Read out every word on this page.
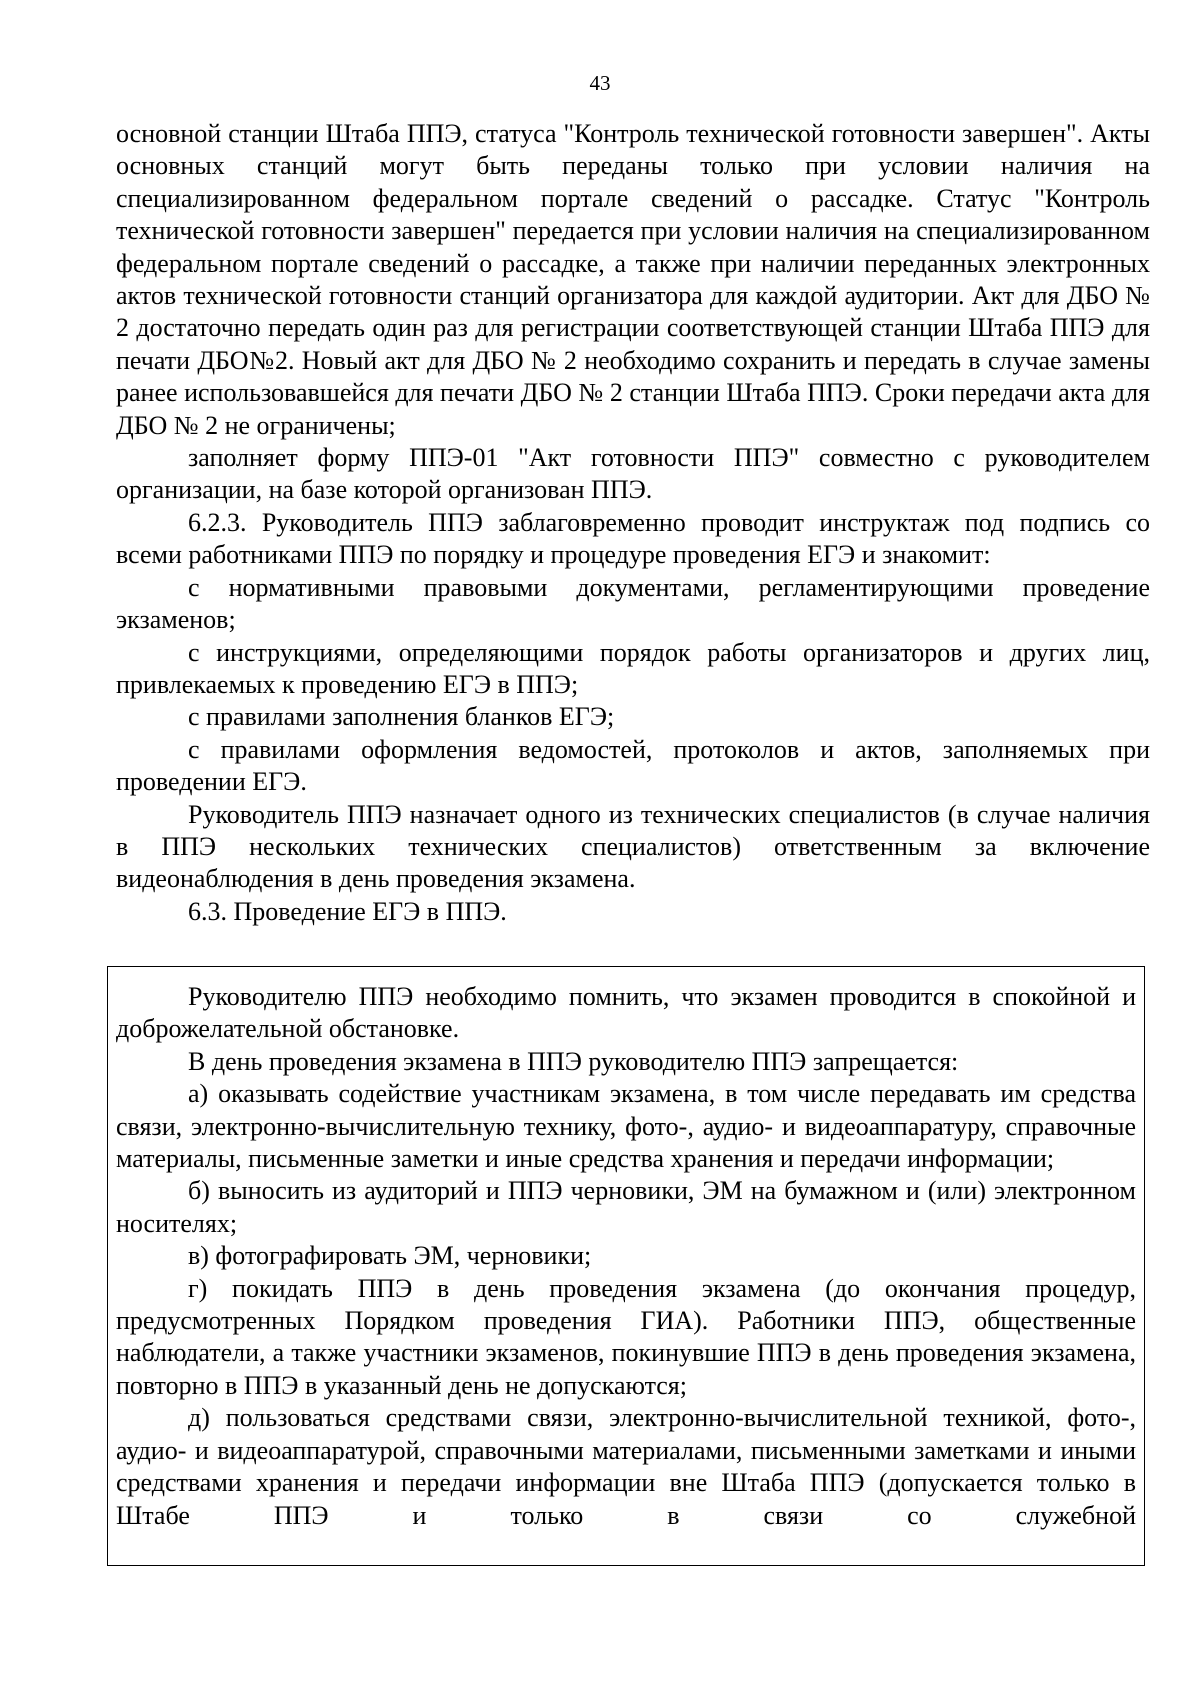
43

основной станции Штаба ППЭ, статуса "Контроль технической готовности завершен". Акты основных станций могут быть переданы только при условии наличия на специализированном федеральном портале сведений о рассадке. Статус "Контроль технической готовности завершен" передается при условии наличия на специализированном федеральном портале сведений о рассадке, а также при наличии переданных электронных актов технической готовности станций организатора для каждой аудитории. Акт для ДБО № 2 достаточно передать один раз для регистрации соответствующей станции Штаба ППЭ для печати ДБО№2. Новый акт для ДБО № 2 необходимо сохранить и передать в случае замены ранее использовавшейся для печати ДБО № 2 станции Штаба ППЭ. Сроки передачи акта для ДБО № 2 не ограничены;

заполняет форму ППЭ-01 "Акт готовности ППЭ" совместно с руководителем организации, на базе которой организован ППЭ.

6.2.3. Руководитель ППЭ заблаговременно проводит инструктаж под подпись со всеми работниками ППЭ по порядку и процедуре проведения ЕГЭ и знакомит:

с нормативными правовыми документами, регламентирующими проведение экзаменов;

с инструкциями, определяющими порядок работы организаторов и других лиц, привлекаемых к проведению ЕГЭ в ППЭ;

с правилами заполнения бланков ЕГЭ;

с правилами оформления ведомостей, протоколов и актов, заполняемых при проведении ЕГЭ.

Руководитель ППЭ назначает одного из технических специалистов (в случае наличия в ППЭ нескольких технических специалистов) ответственным за включение видеонаблюдения в день проведения экзамена.

6.3. Проведение ЕГЭ в ППЭ.

Руководителю ППЭ необходимо помнить, что экзамен проводится в спокойной и доброжелательной обстановке.

В день проведения экзамена в ППЭ руководителю ППЭ запрещается:

а) оказывать содействие участникам экзамена, в том числе передавать им средства связи, электронно-вычислительную технику, фото-, аудио- и видеоаппаратуру, справочные материалы, письменные заметки и иные средства хранения и передачи информации;

б) выносить из аудиторий и ППЭ черновики, ЭМ на бумажном и (или) электронном носителях;

в) фотографировать ЭМ, черновики;

г) покидать ППЭ в день проведения экзамена (до окончания процедур, предусмотренных Порядком проведения ГИА). Работники ППЭ, общественные наблюдатели, а также участники экзаменов, покинувшие ППЭ в день проведения экзамена, повторно в ППЭ в указанный день не допускаются;

д) пользоваться средствами связи, электронно-вычислительной техникой, фото-, аудио- и видеоаппаратурой, справочными материалами, письменными заметками и иными средствами хранения и передачи информации вне Штаба ППЭ (допускается только в Штабе ППЭ и только в связи со служебной
